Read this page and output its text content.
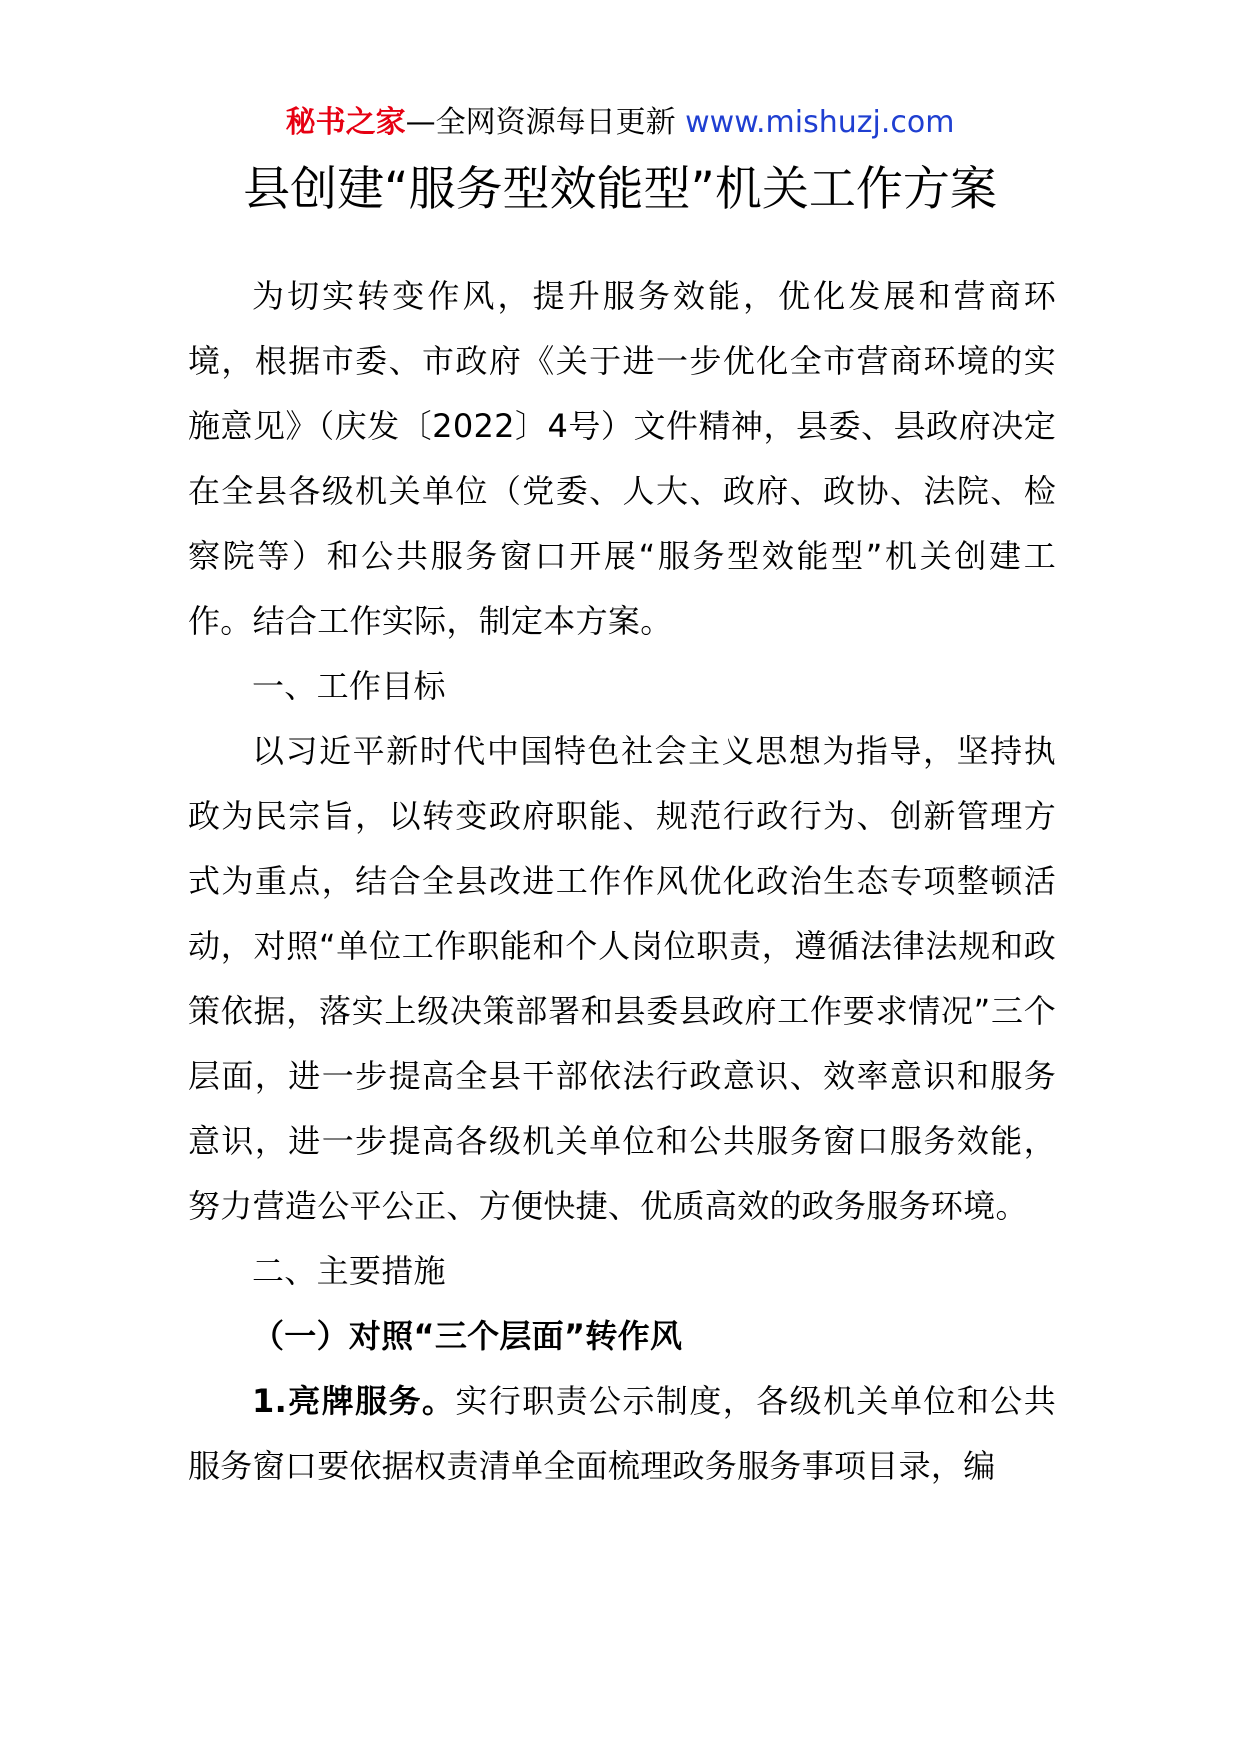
秘书之家—全网资源每日更新 www.mishuzj.com
县创建“服务型效能型”机关工作方案

为切实转变作风，提升服务效能，优化发展和营商环境，根据市委、市政府《关于进一步优化全市营商环境的实施意见》（庆发〔2022〕4号）文件精神，县委、县政府决定在全县各级机关单位（党委、人大、政府、政协、法院、检察院等）和公共服务窗口开展“服务型效能型”机关创建工作。结合工作实际，制定本方案。

一、工作目标

以习近平新时代中国特色社会主义思想为指导，坚持执政为民宗旨，以转变政府职能、规范行政行为、创新管理方式为重点，结合全县改进工作作风优化政治生态专项整顿活动，对照“单位工作职能和个人岗位职责，遵循法律法规和政策依据，落实上级决策部署和县委县政府工作要求情况”三个层面，进一步提高全县干部依法行政意识、效率意识和服务意识，进一步提高各级机关单位和公共服务窗口服务效能，努力营造公平公正、方便快捷、优质高效的政务服务环境。

二、主要措施

（一）对照“三个层面”转作风

1.亮牌服务。实行职责公示制度，各级机关单位和公共服务窗口要依据权责清单全面梳理政务服务事项目录，编
